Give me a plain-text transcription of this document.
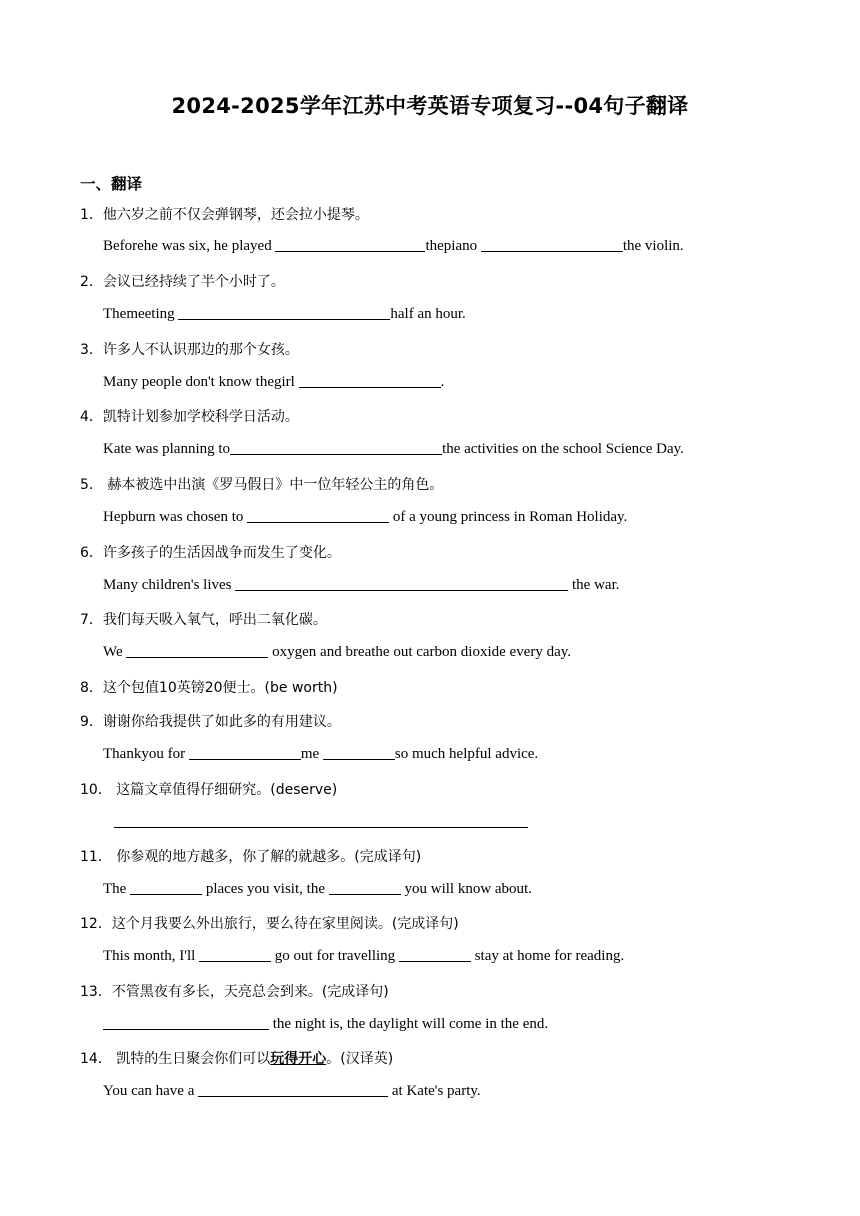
2024-2025学年江苏中考英语专项复习--04句子翻译
一、翻译
1．他六岁之前不仅会弹钢琴，还会拉小提琴。
Beforehe was six, he played	thepiano	the violin.
2．会议已经持续了半个小时了。
Themeeting	half an hour.
3．许多人不认识那边的那个女孩。
Many people don't know thegirl	.
4．凯特计划参加学校科学日活动。
Kate was planning to	the activities on the school Science Day.
5． 赫本被选中出演《罗马假日》中一位年轻公主的角色。
Hepburn was chosen to	of a young princess in Roman Holiday.
6．许多孩子的生活因战争而发生了变化。
Many children's lives	the war.
7．我们每天吸入氧气，呼出二氧化碳。
We	oxygen and breathe out carbon dioxide every day.
8．这个包值10英镑20便士。(be worth)
9．谢谢你给我提供了如此多的有用建议。
Thankyou for	me	so much helpful advice.
10． 这篇文章值得仔细研究。(deserve)
11． 你参观的地方越多，你了解的就越多。(完成译句)
The	places you visit, the	you will know about.
12．这个月我要么外出旅行，要么待在家里阅读。(完成译句)
This month, I'll	go out for travelling	stay at home for reading.
13．不管黑夜有多长，天亮总会到来。(完成译句)
the night is, the daylight will come in the end.
14． 凯特的生日聚会你们可以玩得开心。(汉译英)
You can have a	at Kate's party.
